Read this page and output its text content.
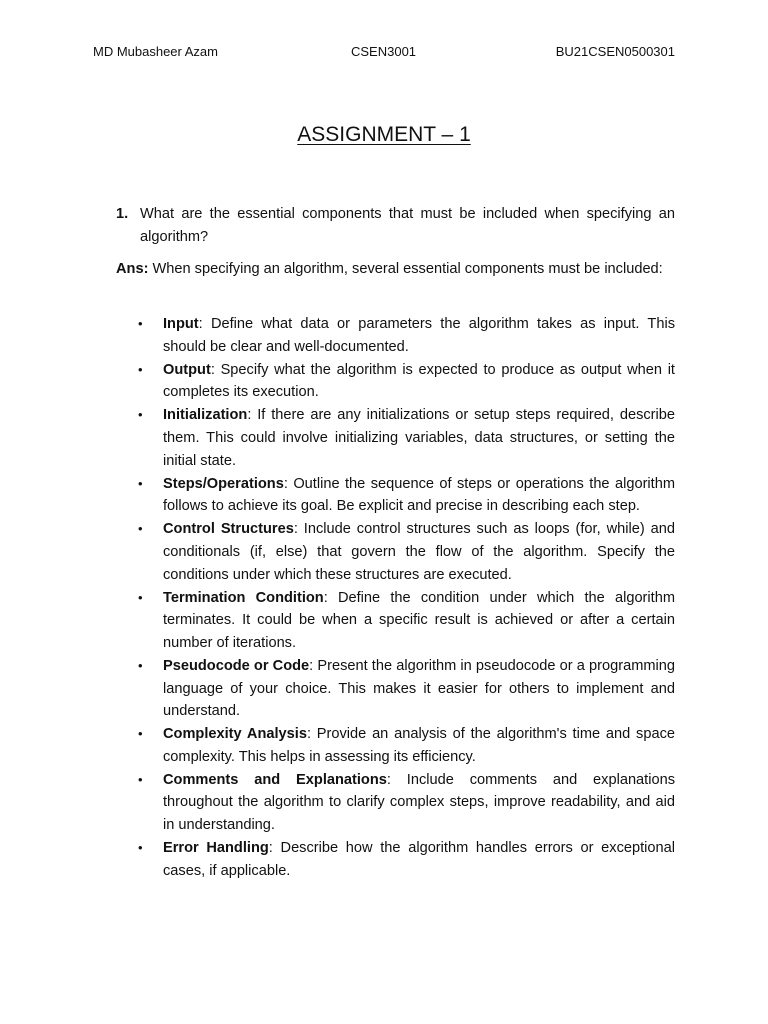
MD Mubasheer Azam	CSEN3001	BU21CSEN0500301
ASSIGNMENT – 1
1. What are the essential components that must be included when specifying an algorithm?
Ans: When specifying an algorithm, several essential components must be included:
• Input: Define what data or parameters the algorithm takes as input. This should be clear and well-documented.
• Output: Specify what the algorithm is expected to produce as output when it completes its execution.
• Initialization: If there are any initializations or setup steps required, describe them. This could involve initializing variables, data structures, or setting the initial state.
• Steps/Operations: Outline the sequence of steps or operations the algorithm follows to achieve its goal. Be explicit and precise in describing each step.
• Control Structures: Include control structures such as loops (for, while) and conditionals (if, else) that govern the flow of the algorithm. Specify the conditions under which these structures are executed.
• Termination Condition: Define the condition under which the algorithm terminates. It could be when a specific result is achieved or after a certain number of iterations.
• Pseudocode or Code: Present the algorithm in pseudocode or a programming language of your choice. This makes it easier for others to implement and understand.
• Complexity Analysis: Provide an analysis of the algorithm's time and space complexity. This helps in assessing its efficiency.
• Comments and Explanations: Include comments and explanations throughout the algorithm to clarify complex steps, improve readability, and aid in understanding.
• Error Handling: Describe how the algorithm handles errors or exceptional cases, if applicable.
